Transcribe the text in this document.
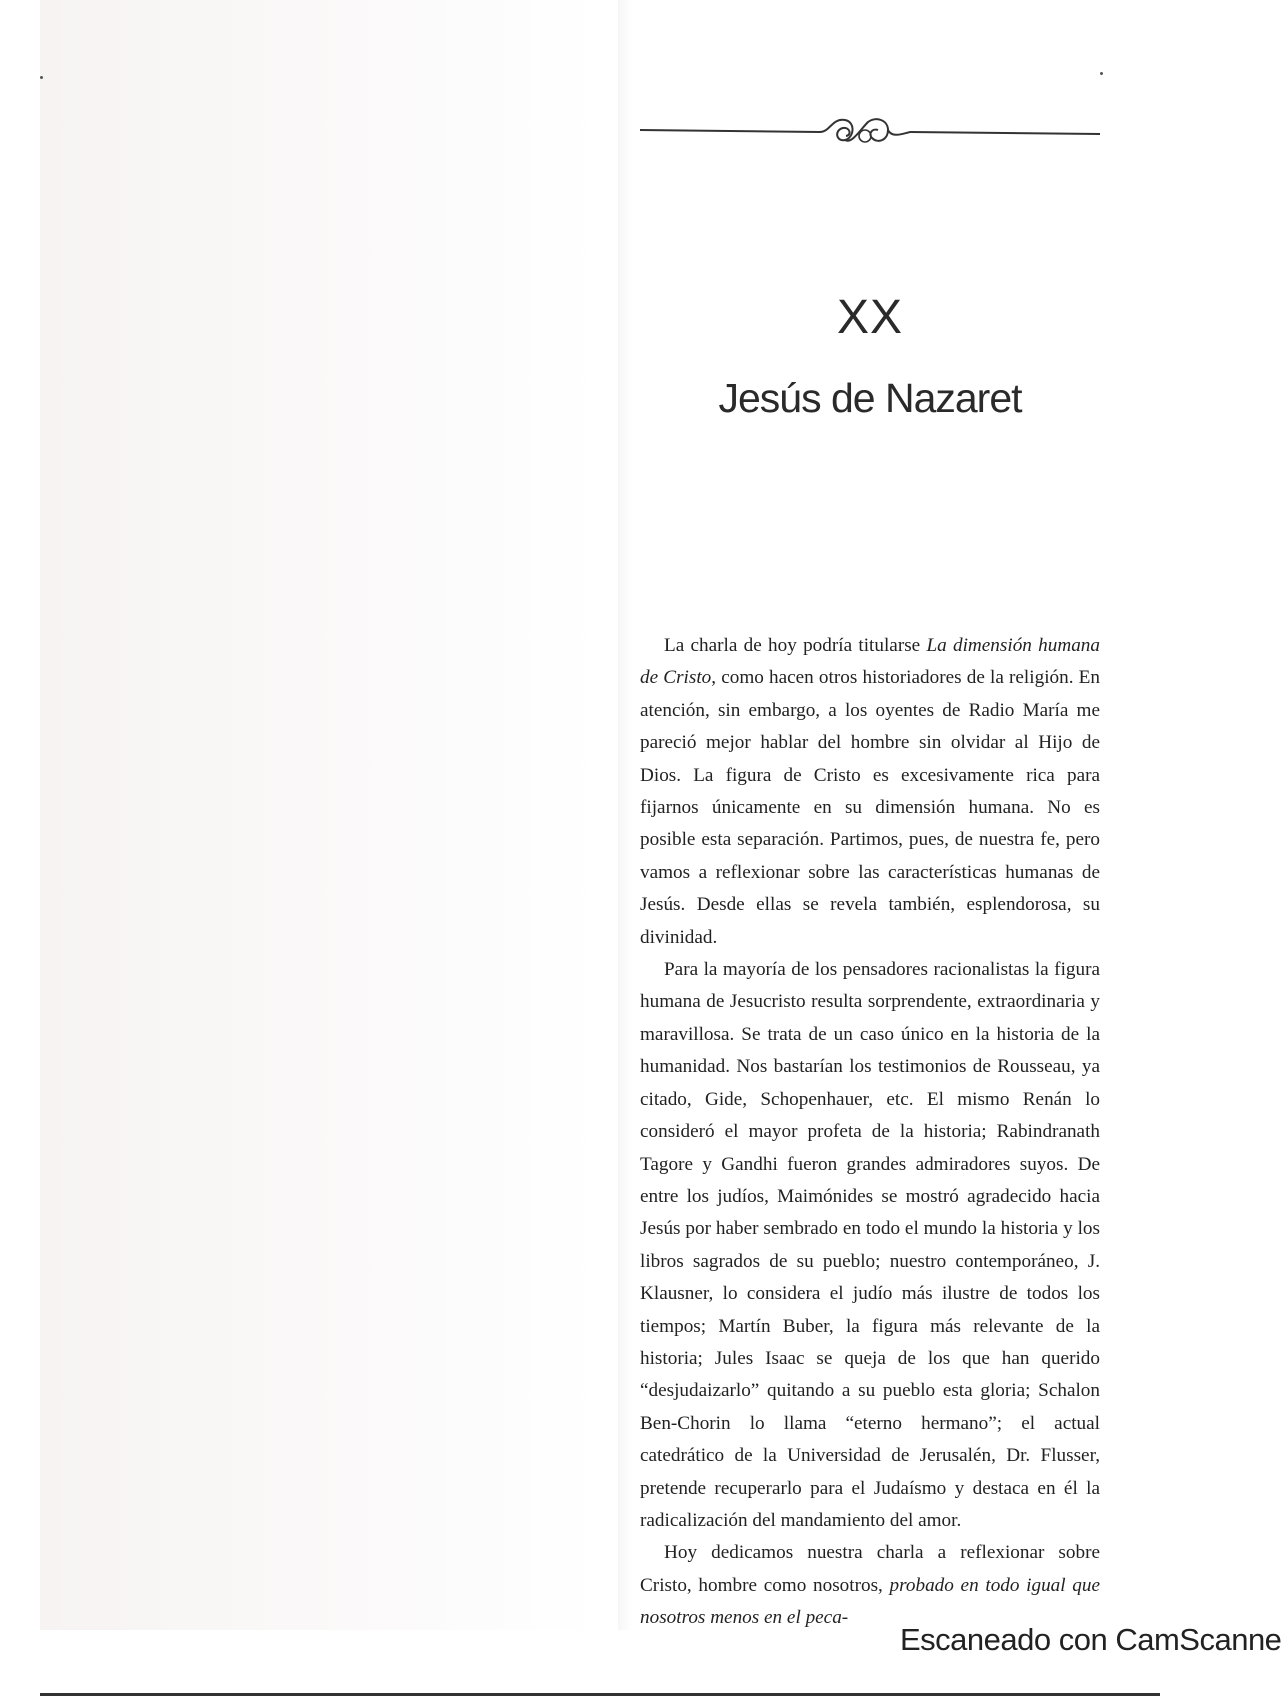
XX
Jesús de Nazaret

La charla de hoy podría titularse La dimensión humana de Cristo, como hacen otros historiadores de la religión. En atención, sin embargo, a los oyentes de Radio María me pareció mejor hablar del hombre sin olvidar al Hijo de Dios. La figura de Cristo es excesivamente rica para fijarnos únicamente en su dimensión humana. No es posible esta separación. Partimos, pues, de nuestra fe, pero vamos a reflexionar sobre las características humanas de Jesús. Desde ellas se revela también, esplendorosa, su divinidad.

Para la mayoría de los pensadores racionalistas la figura humana de Jesucristo resulta sorprendente, extraordinaria y maravillosa. Se trata de un caso único en la historia de la humanidad. Nos bastarían los testimonios de Rousseau, ya citado, Gide, Schopenhauer, etc. El mismo Renán lo consideró el mayor profeta de la historia; Rabindranath Tagore y Gandhi fueron grandes admiradores suyos. De entre los judíos, Maimónides se mostró agradecido hacia Jesús por haber sembrado en todo el mundo la historia y los libros sagrados de su pueblo; nuestro contemporáneo, J. Klausner, lo considera el judío más ilustre de todos los tiempos; Martín Buber, la figura más relevante de la historia; Jules Isaac se queja de los que han querido “desjudaizarlo” quitando a su pueblo esta gloria; Schalon Ben-Chorin lo llama “eterno hermano”; el actual catedrático de la Universidad de Jerusalén, Dr. Flusser, pretende recuperarlo para el Judaísmo y destaca en él la radicalización del mandamiento del amor.

Hoy dedicamos nuestra charla a reflexionar sobre Cristo, hombre como nosotros, probado en todo igual que nosotros menos en el peca-

Escaneado con CamScanne
